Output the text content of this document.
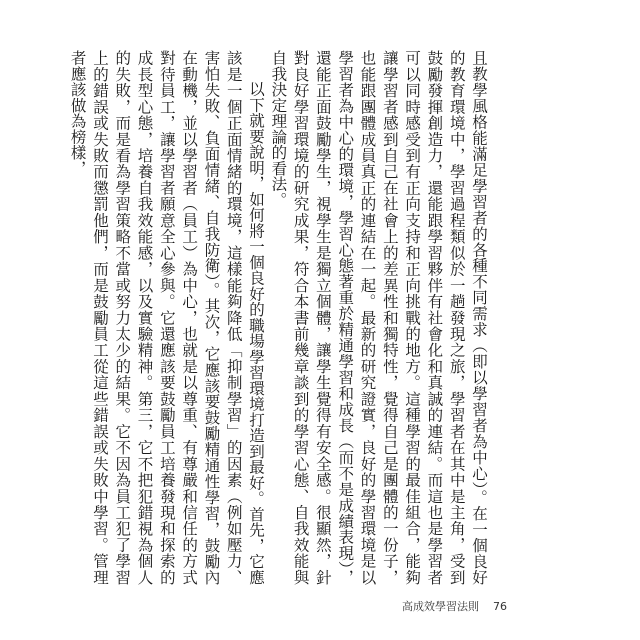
且教學風格能滿足學習者的各種不同需求（即以學習者為中心）。在一個良好的教育環境中，學習過程類似於一趟發現之旅，學習者在其中是主角，受到鼓勵發揮創造力，還能跟學習夥伴有社會化和真誠的連結。而這也是學習者可以同時感受到有正向支持和正向挑戰的地方。這種學習的最佳組合，能夠讓學習者感到自己在社會上的差異性和獨特性，覺得自己是團體的一份子，也能跟團體成員真正的連結在一起。最新的研究證實，良好的學習環境是以學習者為中心的環境，學習心態著重於精通學習和成長（而不是成績表現），還能正面鼓勵學生，視學生是獨立個體，讓學生覺得有安全感。很顯然，針對良好學習環境的研究成果，符合本書前幾章談到的學習心態、自我效能與自我決定理論的看法。

以下就要說明，如何將一個良好的職場學習環境打造到最好。首先，它應該是一個正面情緒的環境，這樣能夠降低「抑制學習」的因素（例如壓力、害怕失敗、負面情緒、自我防衛）。其次，它應該要鼓勵精通性學習，鼓勵內在動機，並以學習者（員工）為中心，也就是以尊重、有尊嚴和信任的方式對待員工，讓學習者願意全心參與。它還應該要鼓勵員工培養發現和探索的成長型心態，培養自我效能感，以及實驗精神。第三，它不把犯錯視為個人的失敗，而是看為學習策略不當或努力太少的結果。它不因為員工犯了學習上的錯誤或失敗而懲罰他們，而是鼓勵員工從這些錯誤或失敗中學習。管理者應該做為榜樣，

高成效學習法則 76
